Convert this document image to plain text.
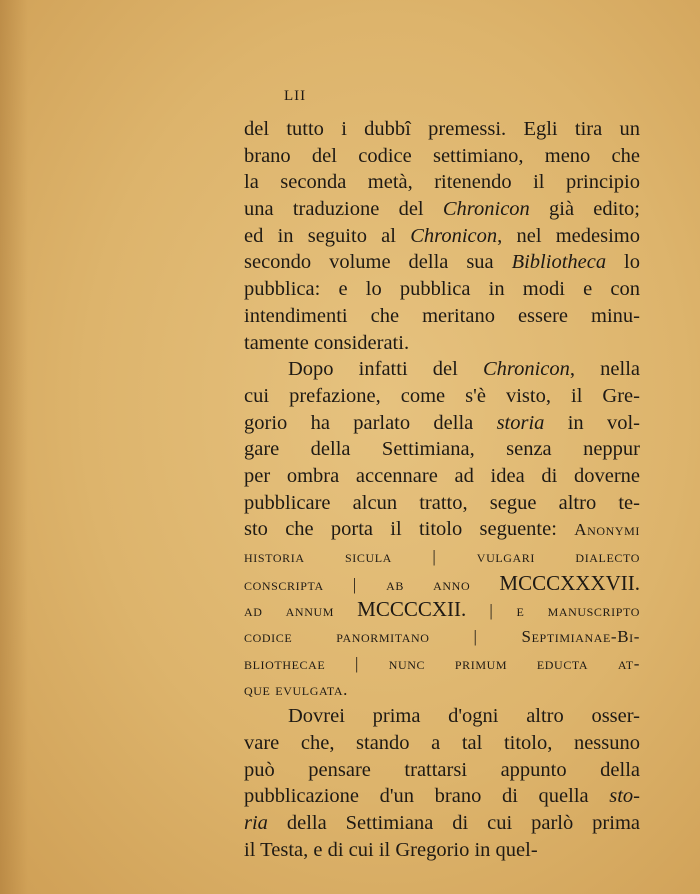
LII
del tutto i dubbî premessi. Egli tira un
brano del codice settimiano, meno che
la seconda metà, ritenendo il principio
una traduzione del Chronicon già edito;
ed in seguito al Chronicon, nel medesimo
secondo volume della sua Bibliotheca lo
pubblica: e lo pubblica in modi e con
intendimenti che meritano essere minu-
tamente considerati.
Dopo infatti del Chronicon, nella
cui prefazione, come s'è visto, il Gre-
gorio ha parlato della storia in vol-
gare della Settimiana, senza neppur
per ombra accennare ad idea di doverne
pubblicare alcun tratto, segue altro te-
sto che porta il titolo seguente: Anonymi
historia sicula | vulgari dialecto
conscripta | ab anno MCCCXXXVII.
ad annum MCCCCXII. | e manuscripto
codice panormitano | Septimianae-Bi-
bliothecae | nunc primum educta at-
que evulgata.
Dovrei prima d'ogni altro osser-
vare che, stando a tal titolo, nessuno
può pensare trattarsi appunto della
pubblicazione d'un brano di quella sto-
ria della Settimiana di cui parlò prima
il Testa, e di cui il Gregorio in quel-
